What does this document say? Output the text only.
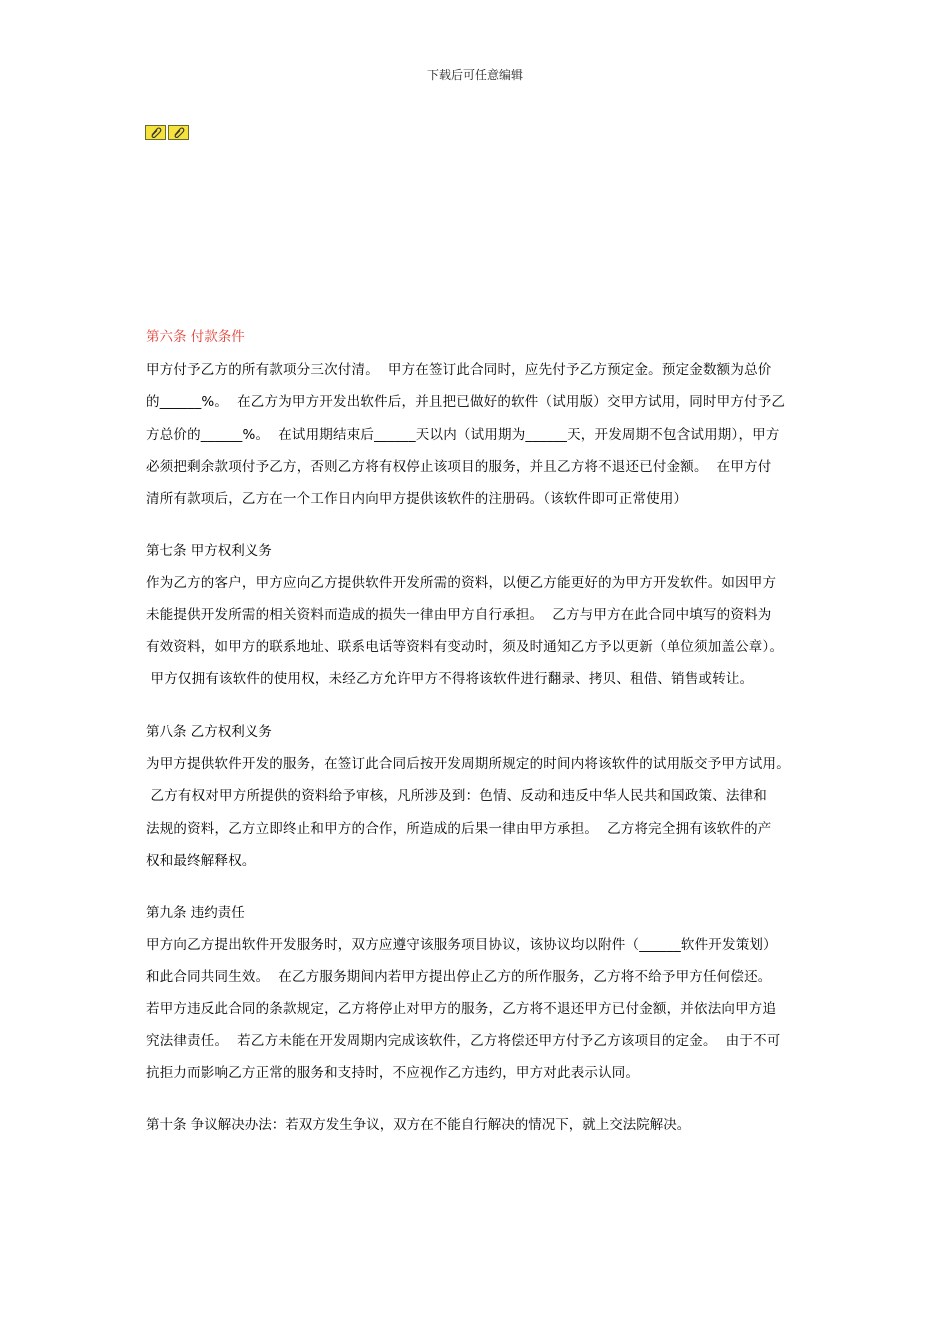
下载后可任意编辑
第六条 付款条件
甲方付予乙方的所有款项分三次付清。  甲方在签订此合同时，应先付予乙方预定金。预定金数额为总价
的______%。  在乙方为甲方开发出软件后，并且把已做好的软件（试用版）交甲方试用，同时甲方付予乙
方总价的______%。  在试用期结束后______天以内（试用期为______天，开发周期不包含试用期），甲方
必须把剩余款项付予乙方，否则乙方将有权停止该项目的服务，并且乙方将不退还已付金额。  在甲方付
清所有款项后，乙方在一个工作日内向甲方提供该软件的注册码。（该软件即可正常使用）
第七条 甲方权利义务
作为乙方的客户，甲方应向乙方提供软件开发所需的资料，以便乙方能更好的为甲方开发软件。如因甲方
未能提供开发所需的相关资料而造成的损失一律由甲方自行承担。  乙方与甲方在此合同中填写的资料为
有效资料，如甲方的联系地址、联系电话等资料有变动时，须及时通知乙方予以更新（单位须加盖公章）。
甲方仅拥有该软件的使用权，未经乙方允许甲方不得将该软件进行翻录、拷贝、租借、销售或转让。
第八条 乙方权利义务
为甲方提供软件开发的服务，在签订此合同后按开发周期所规定的时间内将该软件的试用版交予甲方试用。
乙方有权对甲方所提供的资料给予审核，凡所涉及到：色情、反动和违反中华人民共和国政策、法律和
法规的资料，乙方立即终止和甲方的合作，所造成的后果一律由甲方承担。  乙方将完全拥有该软件的产
权和最终解释权。
第九条 违约责任
甲方向乙方提出软件开发服务时，双方应遵守该服务项目协议，该协议均以附件（______软件开发策划）
和此合同共同生效。  在乙方服务期间内若甲方提出停止乙方的所作服务，乙方将不给予甲方任何偿还。
若甲方违反此合同的条款规定，乙方将停止对甲方的服务，乙方将不退还甲方已付金额，并依法向甲方追
究法律责任。  若乙方未能在开发周期内完成该软件，乙方将偿还甲方付予乙方该项目的定金。  由于不可
抗拒力而影响乙方正常的服务和支持时，不应视作乙方违约，甲方对此表示认同。
第十条 争议解决办法：若双方发生争议，双方在不能自行解决的情况下，就上交法院解决。
